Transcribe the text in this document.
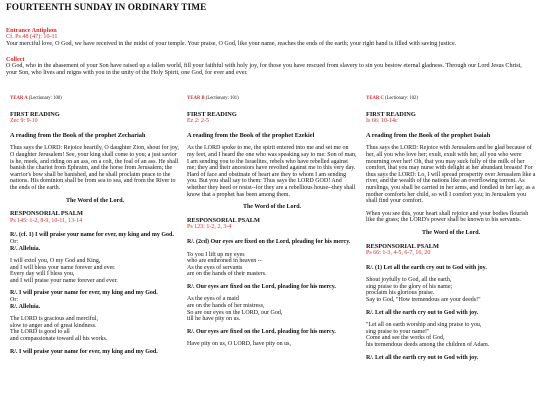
FOURTEENTH SUNDAY IN ORDINARY TIME
Entrance Antiphon
Cf. Ps 48 (47): 10-11
Your merciful love, O God, we have received in the midst of your temple. Your praise, O God, like your name, reaches the ends of the earth; your right hand is filled with saving justice.
Collect
O God, who in the abasement of your Son have raised up a fallen world, fill your faithful with holy joy, for those you have rescued from slavery to sin you bestow eternal gladness. Through our Lord Jesus Christ, your Son, who lives and reigns with you in the unity of the Holy Spirit, one God, for ever and ever.
YEAR A (Lectionary: 100)
FIRST READING
Zec 9: 9-10
A reading from the Book of the prophet Zechariah

Thus says the LORD: Rejoice heartily, O daughter Zion, shout for joy, O daughter Jerusalem! See, your king shall come to you; a just savior is he, meek, and riding on an ass, on a colt, the foal of an ass. He shall banish the chariot from Ephraim, and the horse from Jerusalem; the warrior's bow shall be banished, and he shall proclaim peace to the nations. His dominion shall be from sea to sea, and from the River to the ends of the earth.

The Word of the Lord.
RESPONSORIAL PSALM
Ps 145: 1-2, 8-9, 10-11, 13-14
R/. (cf. 1) I will praise your name for ever, my king and my God.
Or:
R/. Alleluia.
I will extol you, O my God and King,
and I will bless your name forever and ever.
Every day will I bless you,
and I will praise your name forever and ever.
R/. I will praise your name for ever, my king and my God.
Or:
R/. Alleluia.
The LORD is gracious and merciful,
slow to anger and of great kindness.
The LORD is good to all
and compassionate toward all his works.
R/. I will praise your name for ever, my king and my God.
YEAR B (Lectionary: 101)
FIRST READING
Ez 2: 2-5
A reading from the Book of the prophet Ezekiel

As the LORD spoke to me, the spirit entered into me and set me on my feet, and I heard the one who was speaking say to me: Son of man, I am sending you to the Israelites, rebels who have rebelled against me; they and their ancestors have revolted against me to this very day. Hard of face and obstinate of heart are they to whom I am sending you. But you shall say to them: Thus says the LORD GOD! And whether they heed or resist--for they are a rebellious house--they shall know that a prophet has been among them.

The Word of the Lord.
RESPONSORIAL PSALM
Ps 123: 1-2, 2, 3-4
R/. (2cd) Our eyes are fixed on the Lord, pleading for his mercy.
To you I lift up my eyes
who are enthroned in heaven --
As the eyes of servants
are on the hands of their masters.
R/. Our eyes are fixed on the Lord, pleading for his mercy.
As the eyes of a maid
are on the hands of her mistress,
So are our eyes on the LORD, our God,
till he have pity on us.
R/. Our eyes are fixed on the Lord, pleading for his mercy.
Have pity on us, O LORD, have pity on us,
YEAR C (Lectionary: 102)
FIRST READING
Is 66: 10-14c
A reading from the Book of the prophet Isaiah

Thus says the LORD: Rejoice with Jerusalem and be glad because of her, all you who love her; exult, exult with her, all you who were mourning over her! Oh, that you may suck fully of the milk of her comfort, that you may nurse with delight at her abundant breasts! For thus says the LORD: Lo, I will spread prosperity over Jerusalem like a river, and the wealth of the nations like an overflowing torrent. As nurslings, you shall be carried in her arms, and fondled in her lap; as a mother comforts her child, so will I comfort you; in Jerusalem you shall find your comfort.

When you see this, your heart shall rejoice and your bodies flourish like the grass; the LORD's power shall be known to his servants.

The Word of the Lord.
RESPONSORIAL PSALM
Ps 66: 1-3, 4-5, 6-7, 16, 20
R/. (1) Let all the earth cry out to God with joy.
Shout joyfully to God, all the earth,
sing praise to the glory of his name;
proclaim his glorious praise.
Say to God, "How tremendous are your deeds!"
R/. Let all the earth cry out to God with joy.
"Let all on earth worship and sing praise to you,
sing praise to your name!"
Come and see the works of God,
his tremendous deeds among the children of Adam.
R/. Let all the earth cry out to God with joy.
